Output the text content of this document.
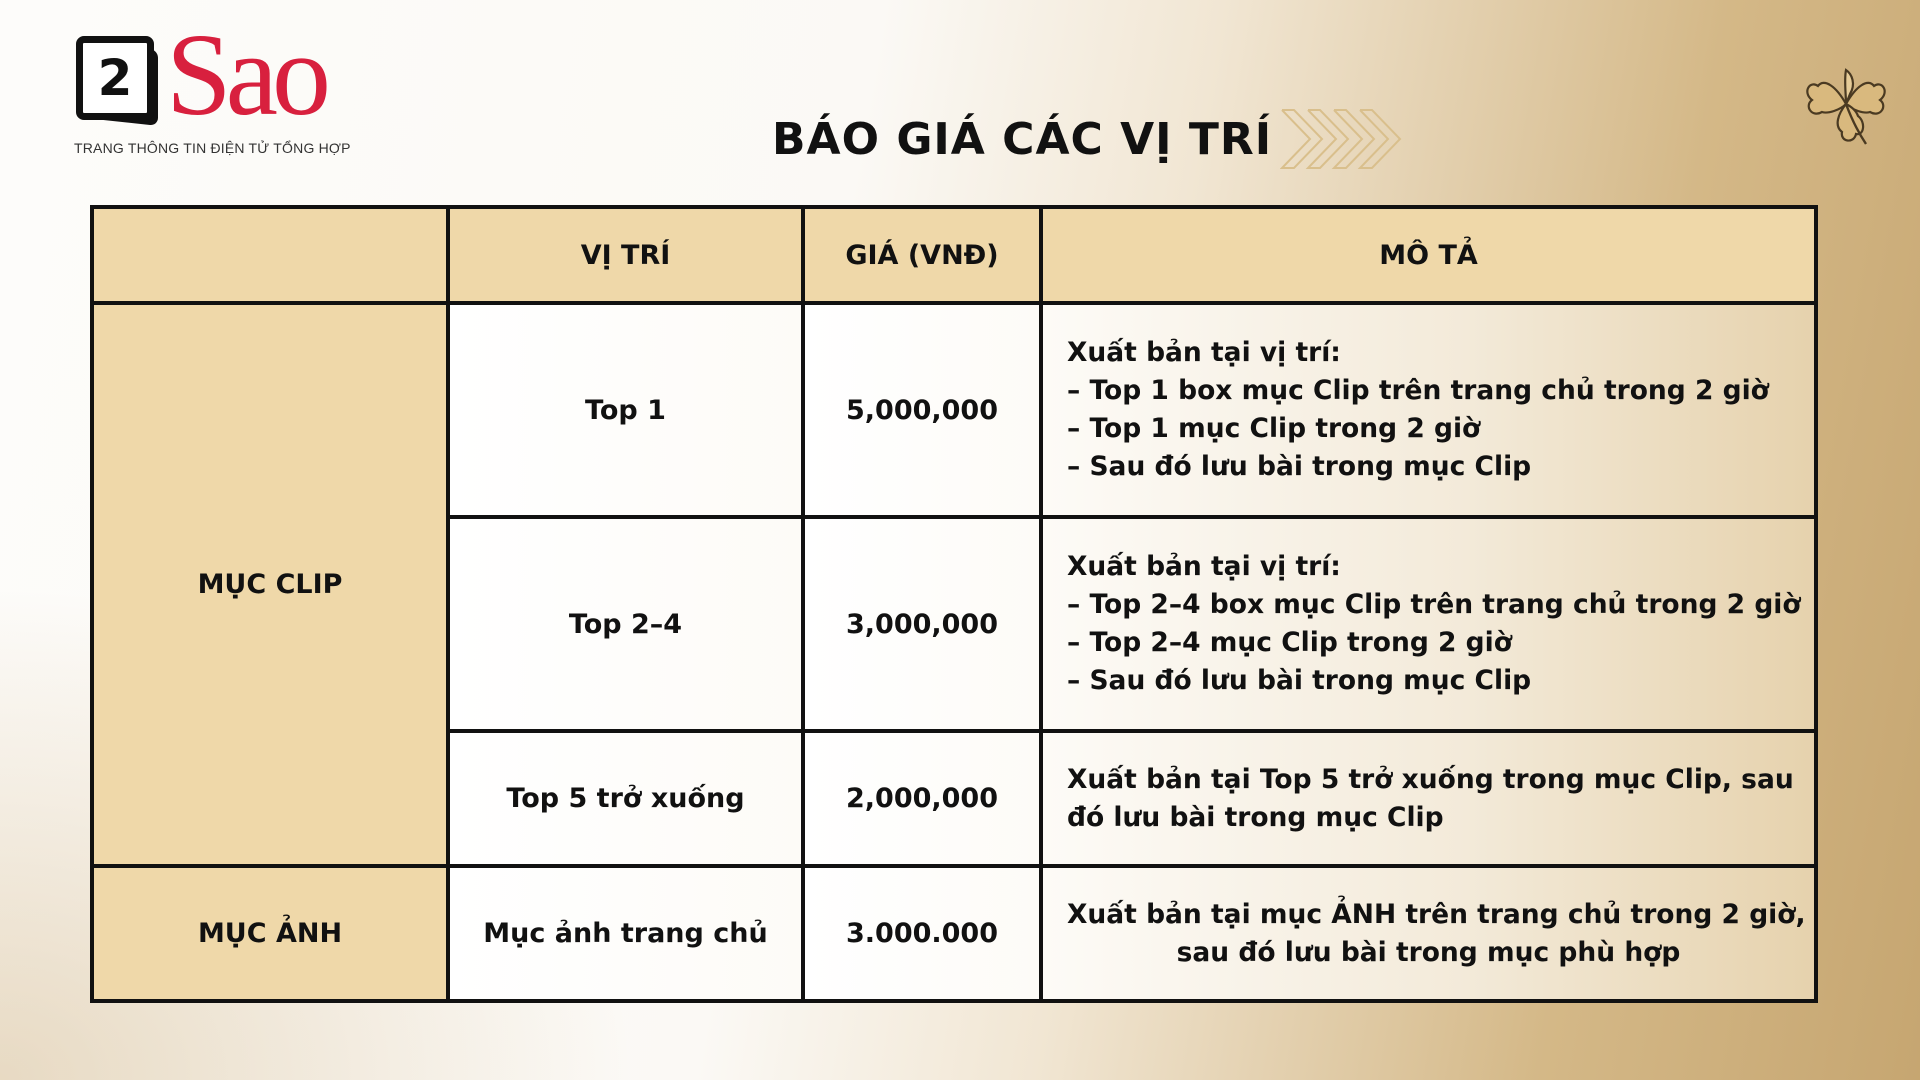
2 Sao
TRANG THÔNG TIN ĐIỆN TỬ TỔNG HỢP	BÁO GIÁ CÁC VỊ TRÍ
	VỊ TRÍ	GIÁ (VNĐ)	MÔ TẢ
MỤC CLIP	Top 1	5,000,000	Xuất bản tại vị trí:
– Top 1 box mục Clip trên trang chủ trong 2 giờ
– Top 1 mục Clip trong 2 giờ
– Sau đó lưu bài trong mục Clip

	Top 2–4	3,000,000	Xuất bản tại vị trí:
– Top 2–4 box mục Clip trên trang chủ trong 2 giờ
– Top 2–4 mục Clip trong 2 giờ
– Sau đó lưu bài trong mục Clip

	Top 5 trở xuống	2,000,000	Xuất bản tại Top 5 trở xuống trong mục Clip, sau
đó lưu bài trong mục Clip

MỤC ẢNH	Mục ảnh trang chủ	3.000.000	Xuất bản tại mục ẢNH trên trang chủ trong 2 giờ,
sau đó lưu bài trong mục phù hợp
